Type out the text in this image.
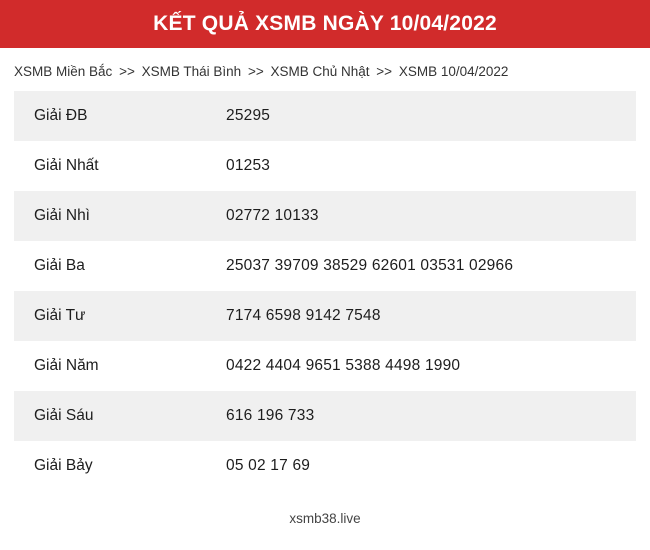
KẾT QUẢ XSMB NGÀY 10/04/2022
XSMB Miền Bắc >> XSMB Thái Bình >> XSMB Chủ Nhật >> XSMB 10/04/2022
Giải ĐB	25295
Giải Nhất	01253
Giải Nhì	02772 10133
Giải Ba	25037 39709 38529 62601 03531 02966
Giải Tư	7174 6598 9142 7548
Giải Năm	0422 4404 9651 5388 4498 1990
Giải Sáu	616 196 733
Giải Bảy	05 02 17 69
xsmb38.live
